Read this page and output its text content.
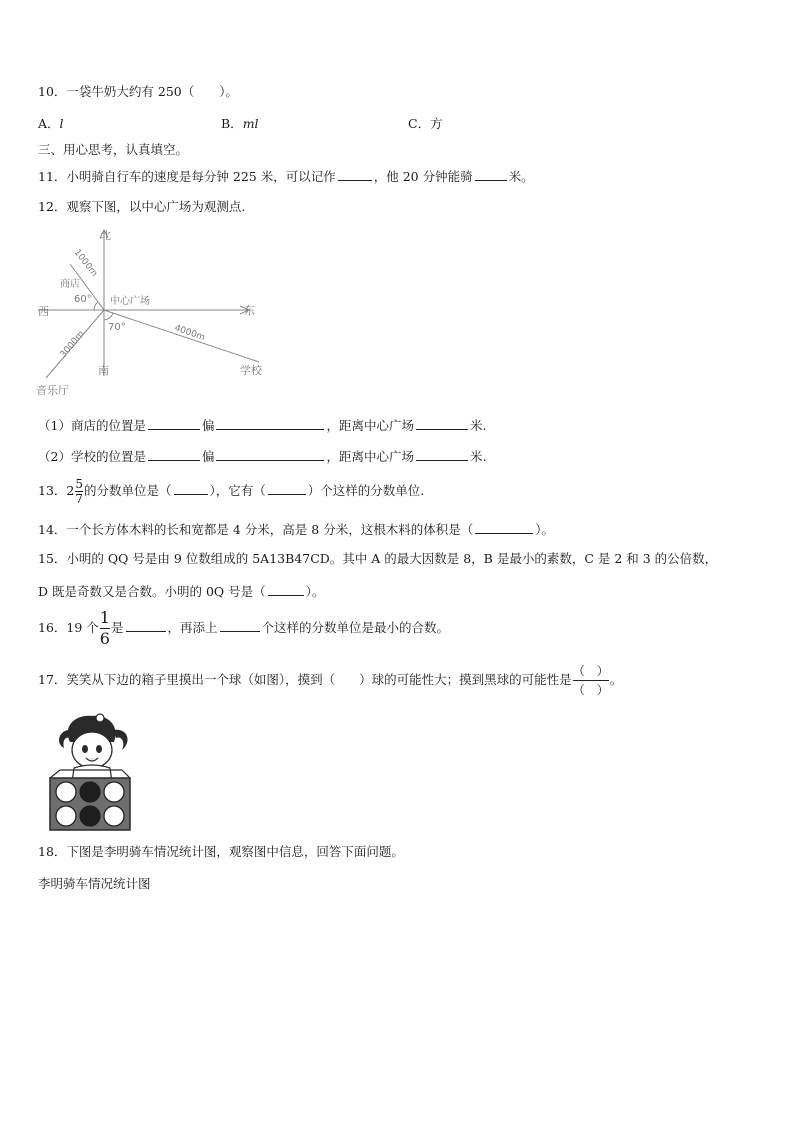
10．一袋牛奶大约有 250（　　）。
A．l	B．ml	C．方
三、用心思考，认真填空。
11．小明骑自行车的速度是每分钟 225 米，可以记作	，他 20 分钟能骑	米。
12．观察下图，以中心广场为观测点.
北
南
东
西
中心广场
商店
60°
1000m
70°	4000m
学校
3000m
音乐厅
（1）商店的位置是	偏	，距离中心广场	米.
（2）学校的位置是	偏	，距离中心广场	米.
13．$2 \frac{5}{7}$ 的分数单位是（	），它有（	）个这样的分数单位.
14．一个长方体木料的长和宽都是 4 分米，高是 8 分米，这根木料的体积是（	）。
15．小明的 QQ 号是由 9 位数组成的 5A13B47CD。其中 A 的最大因数是 8，B 是最小的素数，C 是 2 和 3 的公倍数，
D 既是奇数又是合数。小明的 0Q 号是（	）。
16．19 个 $\frac{1}{6}$ 是	，再添上	个这样的分数单位是最小的合数。
17．笑笑从下边的箱子里摸出一个球（如图），摸到（ ）球的可能性大；摸到黑球的可能性是 $\frac{( )}{( )}$ 。
18．下图是李明骑车情况统计图，观察图中信息，回答下面问题。
李明骑车情况统计图
